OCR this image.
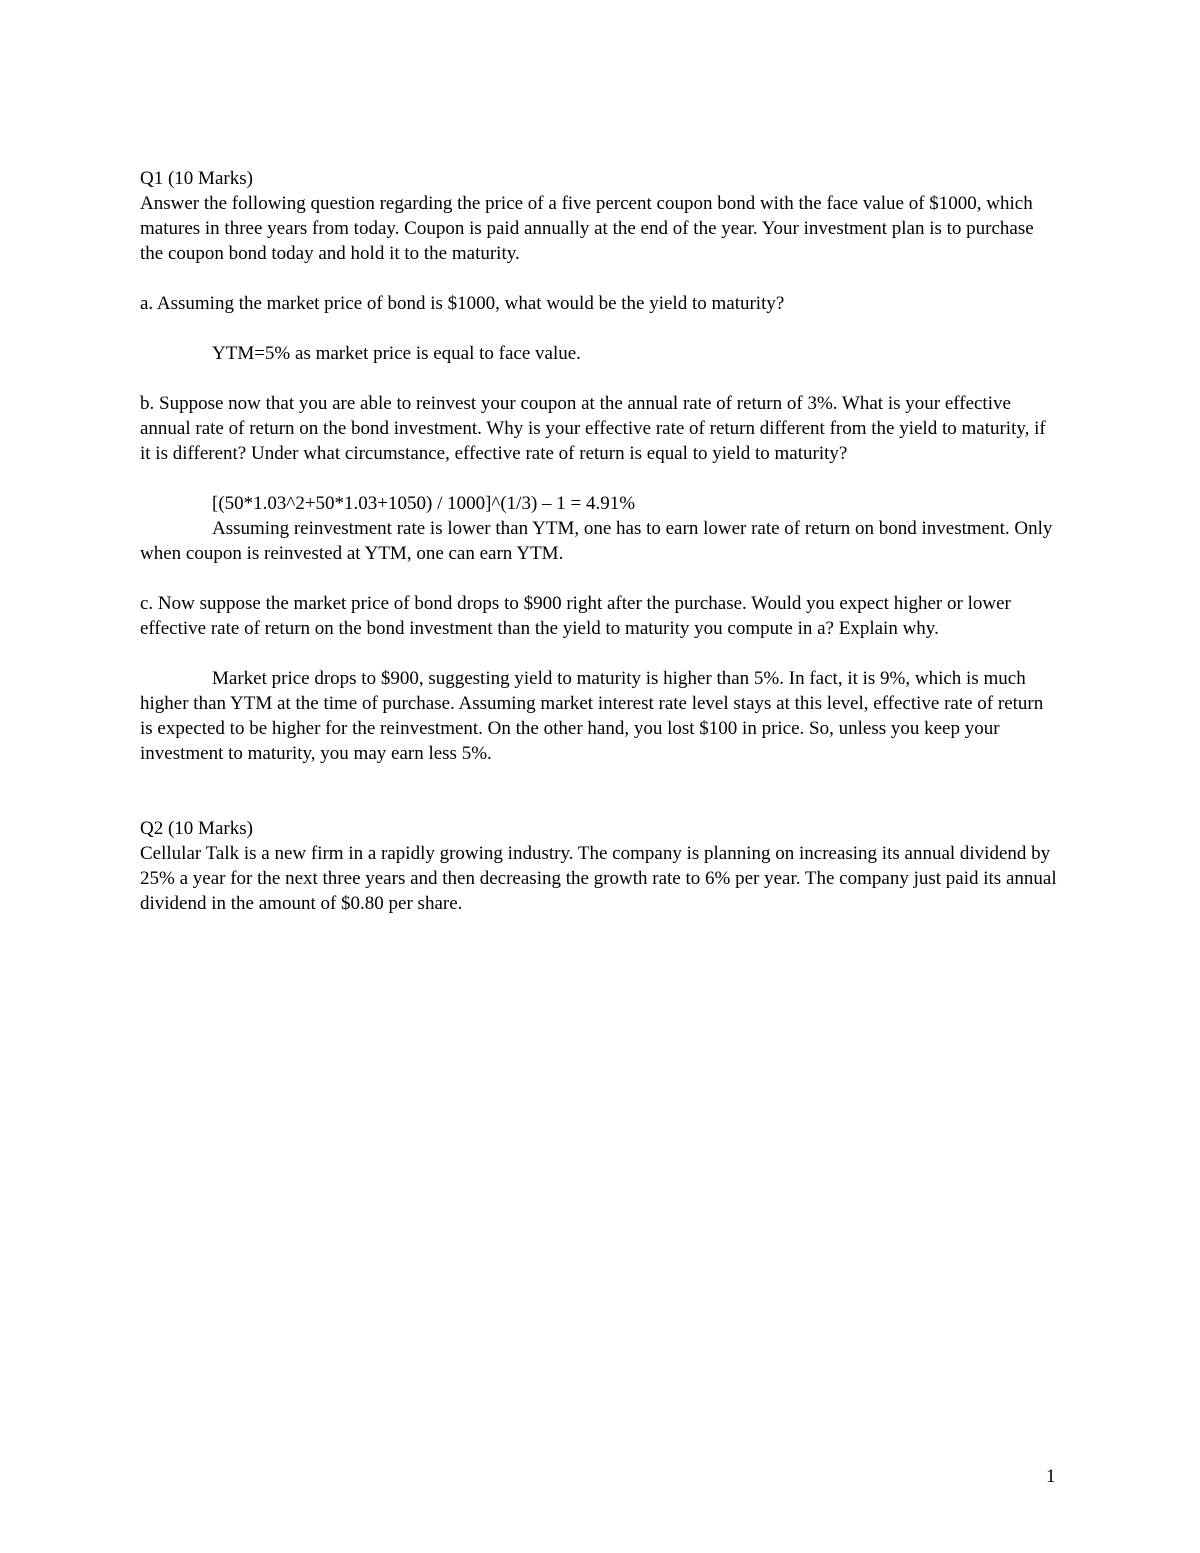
Q1 (10 Marks)

Answer the following question regarding the price of a five percent coupon bond with the face value of $1000, which matures in three years from today. Coupon is paid annually at the end of the year. Your investment plan is to purchase the coupon bond today and hold it to the maturity.

a. Assuming the market price of bond is $1000, what would be the yield to maturity?

YTM=5% as market price is equal to face value.

b. Suppose now that you are able to reinvest your coupon at the annual rate of return of 3%. What is your effective annual rate of return on the bond investment. Why is your effective rate of return different from the yield to maturity, if it is different? Under what circumstance, effective rate of return is equal to yield to maturity?

[(50*1.03^2+50*1.03+1050) / 1000]^(1/3) – 1 = 4.91%

Assuming reinvestment rate is lower than YTM, one has to earn lower rate of return on bond investment. Only when coupon is reinvested at YTM, one can earn YTM.

c. Now suppose the market price of bond drops to $900 right after the purchase. Would you expect higher or lower effective rate of return on the bond investment than the yield to maturity you compute in a? Explain why.

Market price drops to $900, suggesting yield to maturity is higher than 5%. In fact, it is 9%, which is much higher than YTM at the time of purchase. Assuming market interest rate level stays at this level, effective rate of return is expected to be higher for the reinvestment. On the other hand, you lost $100 in price. So, unless you keep your investment to maturity, you may earn less 5%.

Q2 (10 Marks)

Cellular Talk is a new firm in a rapidly growing industry. The company is planning on increasing its annual dividend by 25% a year for the next three years and then decreasing the growth rate to 6% per year. The company just paid its annual dividend in the amount of $0.80 per share.

1
